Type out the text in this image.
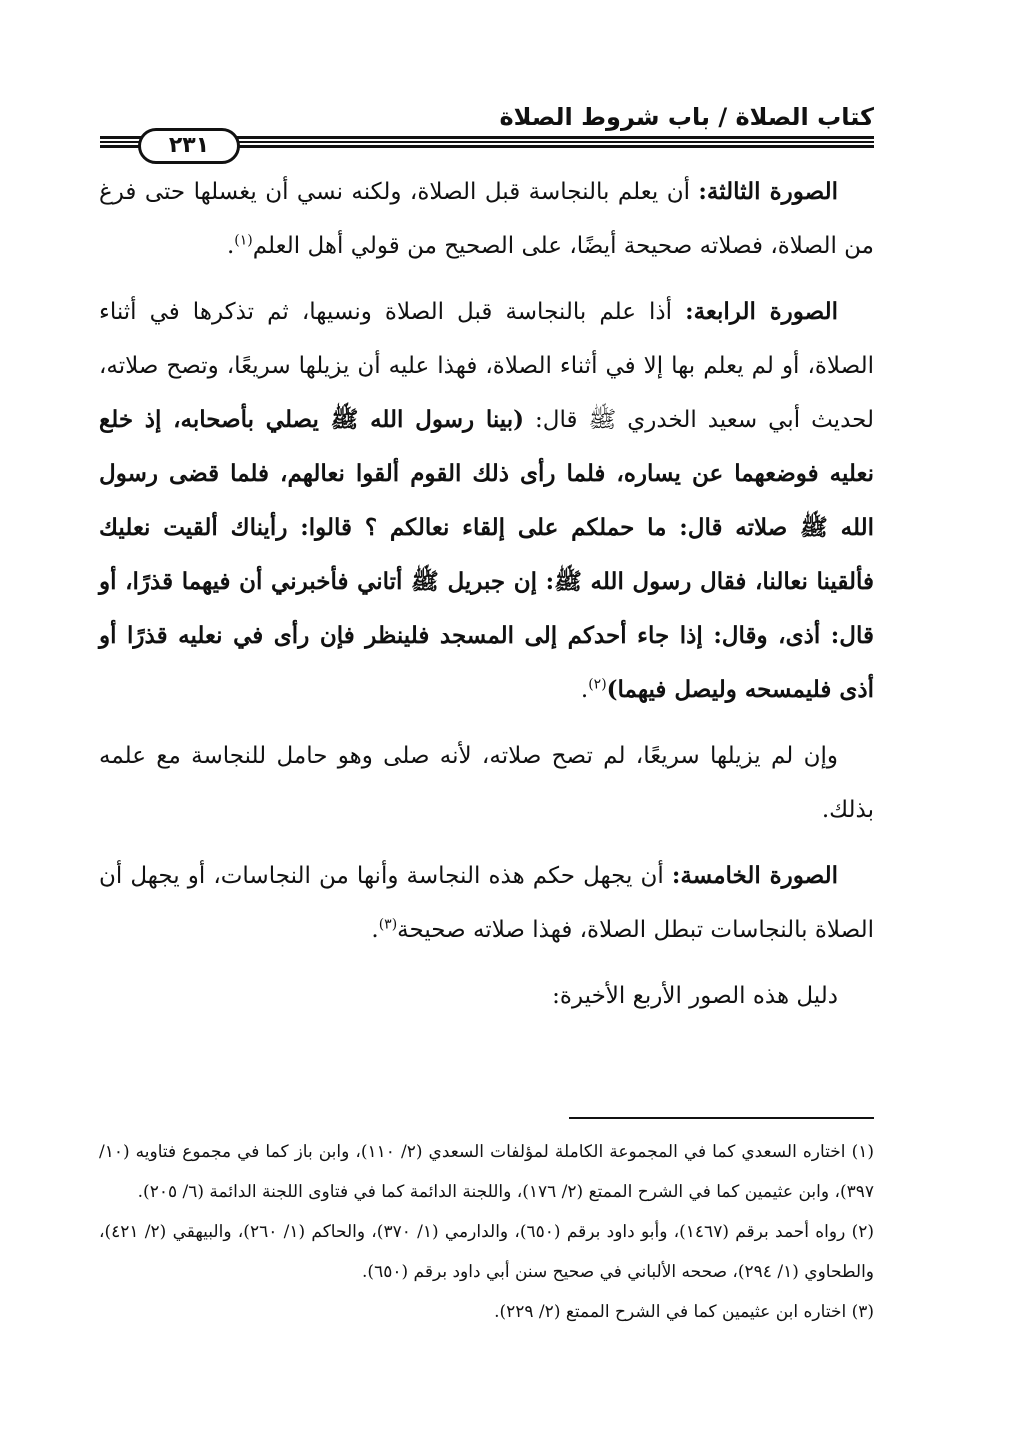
كتاب الصلاة / باب شروط الصلاة
٢٣١

الصورة الثالثة: أن يعلم بالنجاسة قبل الصلاة، ولكنه نسي أن يغسلها حتى فرغ من الصلاة، فصلاته صحيحة أيضًا، على الصحيح من قولي أهل العلم$^{(١)}$.

الصورة الرابعة: أذا علم بالنجاسة قبل الصلاة ونسيها، ثم تذكرها في أثناء الصلاة، أو لم يعلم بها إلا في أثناء الصلاة، فهذا عليه أن يزيلها سريعًا، وتصح صلاته، لحديث أبي سعيد الخدري ﷺ قال: (بينا رسول الله ﷺ يصلي بأصحابه، إذ خلع نعليه فوضعهما عن يساره، فلما رأى ذلك القوم ألقوا نعالهم، فلما قضى رسول الله ﷺ صلاته قال: ما حملكم على إلقاء نعالكم ؟ قالوا: رأيناك ألقيت نعليك فألقينا نعالنا، فقال رسول الله ﷺ: إن جبريل ﷺ أتاني فأخبرني أن فيهما قذرًا، أو قال: أذى، وقال: إذا جاء أحدكم إلى المسجد فلينظر فإن رأى في نعليه قذرًا أو أذى فليمسحه وليصل فيهما)$^{(٢)}$.

وإن لم يزيلها سريعًا، لم تصح صلاته، لأنه صلى وهو حامل للنجاسة مع علمه بذلك.

الصورة الخامسة: أن يجهل حكم هذه النجاسة وأنها من النجاسات، أو يجهل أن الصلاة بالنجاسات تبطل الصلاة، فهذا صلاته صحيحة$^{(٣)}$.

دليل هذه الصور الأربع الأخيرة:

(١) اختاره السعدي كما في المجموعة الكاملة لمؤلفات السعدي (٢/ ١١٠)، وابن باز كما في مجموع فتاويه (١٠/ ٣٩٧)، وابن عثيمين كما في الشرح الممتع (٢/ ١٧٦)، واللجنة الدائمة كما في فتاوى اللجنة الدائمة (٦/ ٢٠٥).

(٢) رواه أحمد برقم (١٤٦٧)، وأبو داود برقم (٦٥٠)، والدارمي (١/ ٣٧٠)، والحاكم (١/ ٢٦٠)، والبيهقي (٢/ ٤٢١)، والطحاوي (١/ ٢٩٤)، صححه الألباني في صحيح سنن أبي داود برقم (٦٥٠).

(٣) اختاره ابن عثيمين كما في الشرح الممتع (٢/ ٢٢٩).
